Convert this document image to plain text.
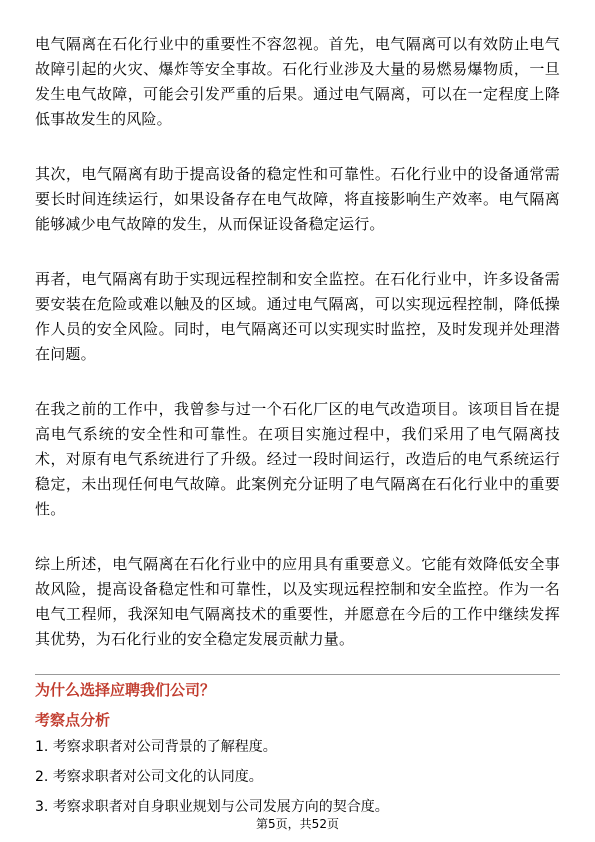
电气隔离在石化行业中的重要性不容忽视。首先，电气隔离可以有效防止电气故障引起的火灾、爆炸等安全事故。石化行业涉及大量的易燃易爆物质，一旦发生电气故障，可能会引发严重的后果。通过电气隔离，可以在一定程度上降低事故发生的风险。

其次，电气隔离有助于提高设备的稳定性和可靠性。石化行业中的设备通常需要长时间连续运行，如果设备存在电气故障，将直接影响生产效率。电气隔离能够减少电气故障的发生，从而保证设备稳定运行。

再者，电气隔离有助于实现远程控制和安全监控。在石化行业中，许多设备需要安装在危险或难以触及的区域。通过电气隔离，可以实现远程控制，降低操作人员的安全风险。同时，电气隔离还可以实现实时监控，及时发现并处理潜在问题。

在我之前的工作中，我曾参与过一个石化厂区的电气改造项目。该项目旨在提高电气系统的安全性和可靠性。在项目实施过程中，我们采用了电气隔离技术，对原有电气系统进行了升级。经过一段时间运行，改造后的电气系统运行稳定，未出现任何电气故障。此案例充分证明了电气隔离在石化行业中的重要性。

综上所述，电气隔离在石化行业中的应用具有重要意义。它能有效降低安全事故风险，提高设备稳定性和可靠性，以及实现远程控制和安全监控。作为一名电气工程师，我深知电气隔离技术的重要性，并愿意在今后的工作中继续发挥其优势，为石化行业的安全稳定发展贡献力量。

为什么选择应聘我们公司？
考察点分析
1. 考察求职者对公司背景的了解程度。
2. 考察求职者对公司文化的认同度。
3. 考察求职者对自身职业规划与公司发展方向的契合度。
第5页，共52页
